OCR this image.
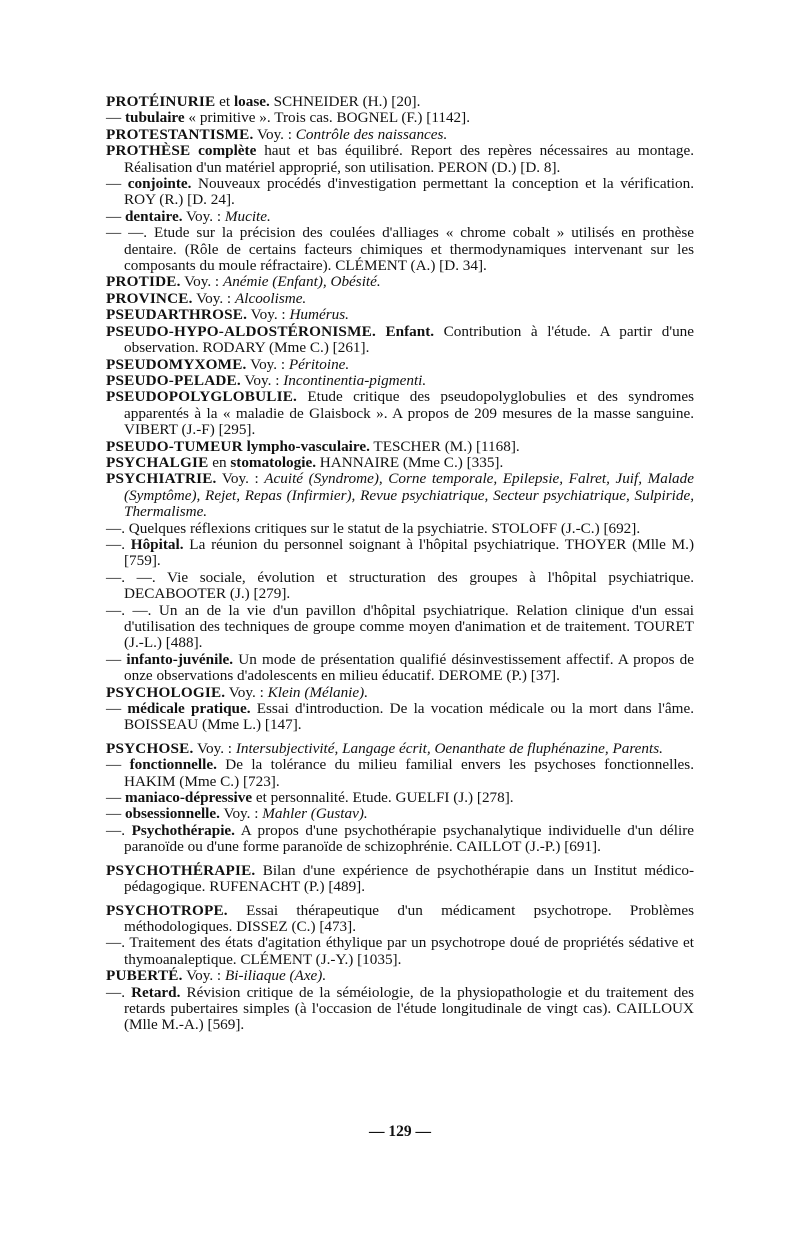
PROTÉINURIE et loase. SCHNEIDER (H.) [20].

— tubulaire « primitive ». Trois cas. BOGNEL (F.) [1142].

PROTESTANTISME. Voy. : Contrôle des naissances.

PROTHÈSE complète haut et bas équilibré. Report des repères nécessaires au montage. Réalisation d'un matériel approprié, son utilisation. PERON (D.) [D. 8].

— conjointe. Nouveaux procédés d'investigation permettant la conception et la vérification. ROY (R.) [D. 24].

— dentaire. Voy. : Mucite.

— —. Etude sur la précision des coulées d'alliages « chrome cobalt » utilisés en prothèse dentaire. (Rôle de certains facteurs chimiques et thermodynamiques intervenant sur les composants du moule réfractaire). CLÉMENT (A.) [D. 34].

PROTIDE. Voy. : Anémie (Enfant), Obésité.

PROVINCE. Voy. : Alcoolisme.

PSEUDARTHROSE. Voy. : Humérus.

PSEUDO-HYPO-ALDOSTÉRONISME. Enfant. Contribution à l'étude. A partir d'une observation. RODARY (Mme C.) [261].

PSEUDOMYXOME. Voy. : Péritoine.

PSEUDO-PELADE. Voy. : Incontinentia-pigmenti.

PSEUDOPOLYGLOBULIE. Etude critique des pseudopolyglobulies et des syndromes apparentés à la « maladie de Glaisbock ». A propos de 209 mesures de la masse sanguine. VIBERT (J.-F) [295].

PSEUDO-TUMEUR lympho-vasculaire. TESCHER (M.) [1168].

PSYCHALGIE en stomatologie. HANNAIRE (Mme C.) [335].

PSYCHIATRIE. Voy. : Acuité (Syndrome), Corne temporale, Epilepsie, Falret, Juif, Malade (Symptôme), Rejet, Repas (Infirmier), Revue psychiatrique, Secteur psychiatrique, Sulpiride, Thermalisme.

—. Quelques réflexions critiques sur le statut de la psychiatrie. STOLOFF (J.-C.) [692].

—. Hôpital. La réunion du personnel soignant à l'hôpital psychiatrique. THOYER (Mlle M.) [759].

—. —. Vie sociale, évolution et structuration des groupes à l'hôpital psychiatrique. DECABOOTER (J.) [279].

—. —. Un an de la vie d'un pavillon d'hôpital psychiatrique. Relation clinique d'un essai d'utilisation des techniques de groupe comme moyen d'animation et de traitement. TOURET (J.-L.) [488].

— infanto-juvénile. Un mode de présentation qualifié désinvestissement affectif. A propos de onze observations d'adolescents en milieu éducatif. DEROME (P.) [37].

PSYCHOLOGIE. Voy. : Klein (Mélanie).

— médicale pratique. Essai d'introduction. De la vocation médicale ou la mort dans l'âme. BOISSEAU (Mme L.) [147].

PSYCHOSE. Voy. : Intersubjectivité, Langage écrit, Oenanthate de fluphénazine, Parents.

— fonctionnelle. De la tolérance du milieu familial envers les psychoses fonctionnelles. HAKIM (Mme C.) [723].

— maniaco-dépressive et personnalité. Etude. GUELFI (J.) [278].

— obsessionnelle. Voy. : Mahler (Gustav).

—. Psychothérapie. A propos d'une psychothérapie psychanalytique individuelle d'un délire paranoïde ou d'une forme paranoïde de schizophrénie. CAILLOT (J.-P.) [691].

PSYCHOTHÉRAPIE. Bilan d'une expérience de psychothérapie dans un Institut médico-pédagogique. RUFENACHT (P.) [489].

PSYCHOTROPE. Essai thérapeutique d'un médicament psychotrope. Problèmes méthodologiques. DISSEZ (C.) [473].

—. Traitement des états d'agitation éthylique par un psychotrope doué de propriétés sédative et thymoanaleptique. CLÉMENT (J.-Y.) [1035].

PUBERTÉ. Voy. : Bi-iliaque (Axe).

—. Retard. Révision critique de la séméiologie, de la physiopathologie et du traitement des retards pubertaires simples (à l'occasion de l'étude longitudinale de vingt cas). CAILLOUX (Mlle M.-A.) [569].

— 129 —
